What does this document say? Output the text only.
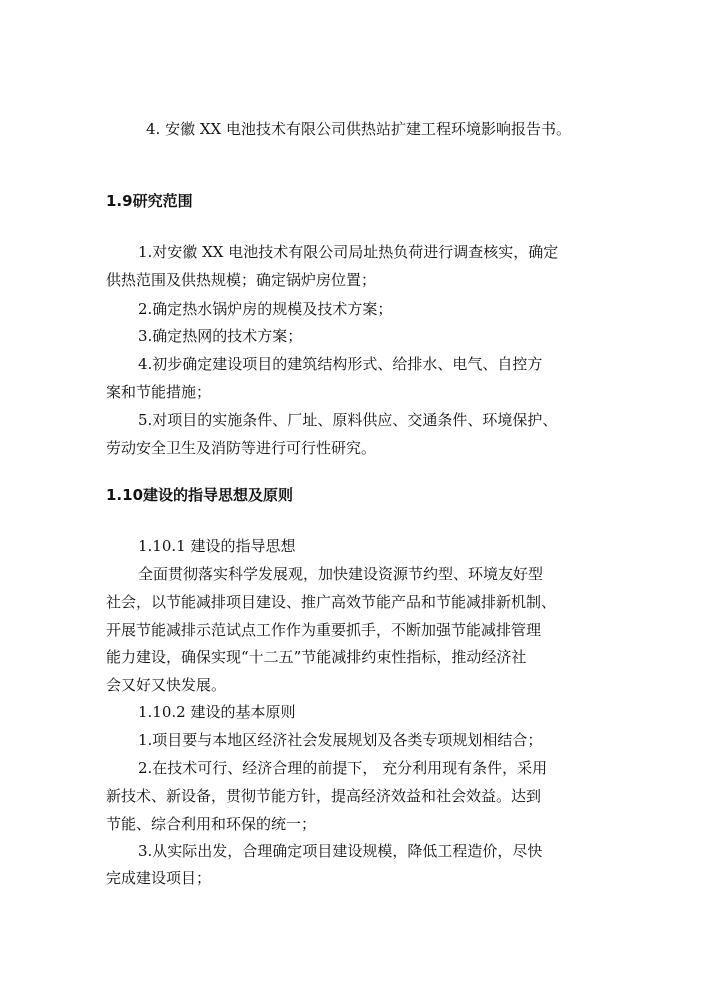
4. 安徽 XX 电池技术有限公司供热站扩建工程环境影响报告书。
1.9研究范围
1.对安徽 XX 电池技术有限公司局址热负荷进行调查核实，确定
供热范围及供热规模；确定锅炉房位置；
2.确定热水锅炉房的规模及技术方案；
3.确定热网的技术方案；
4.初步确定建设项目的建筑结构形式、给排水、电气、自控方
案和节能措施；
5.对项目的实施条件、厂址、原料供应、交通条件、环境保护、
劳动安全卫生及消防等进行可行性研究。
1.10建设的指导思想及原则
1.10.1 建设的指导思想
全面贯彻落实科学发展观，加快建设资源节约型、环境友好型
社会，以节能减排项目建设、推广高效节能产品和节能减排新机制、
开展节能减排示范试点工作作为重要抓手，不断加强节能减排管理
能力建设，确保实现“十二五”节能减排约束性指标，推动经济社
会又好又快发展。
1.10.2 建设的基本原则
1.项目要与本地区经济社会发展规划及各类专项规划相结合；
2.在技术可行、经济合理的前提下， 充分利用现有条件，采用
新技术、新设备，贯彻节能方针，提高经济效益和社会效益。达到
节能、综合利用和环保的统一；
3.从实际出发，合理确定项目建设规模，降低工程造价，尽快
完成建设项目；
